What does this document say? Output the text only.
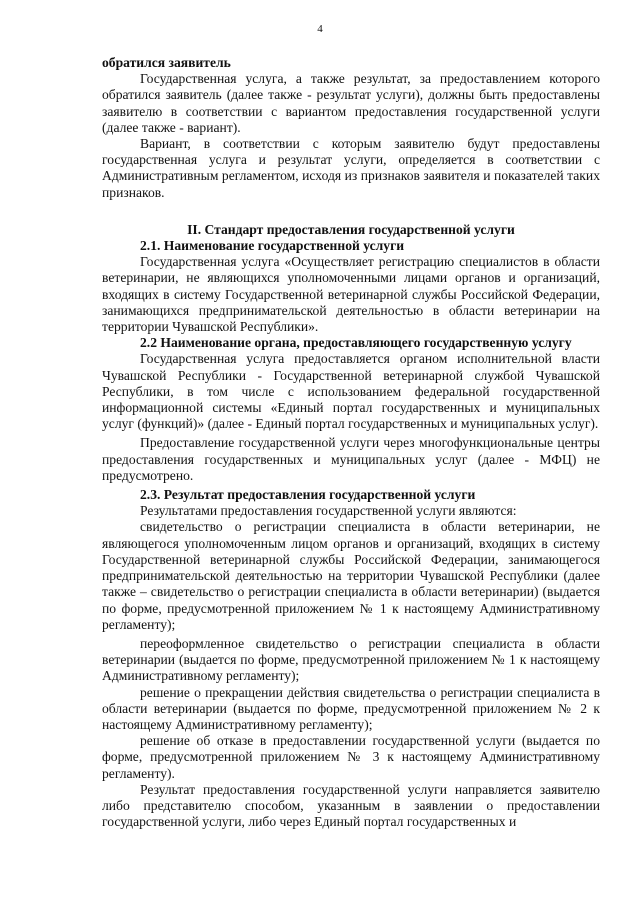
4

обратился заявитель

Государственная услуга, а также результат, за предоставлением которого обратился заявитель (далее также - результат услуги), должны быть предоставлены заявителю в соответствии с вариантом предоставления государственной услуги (далее также - вариант).

Вариант, в соответствии с которым заявителю будут предоставлены государственная услуга и результат услуги, определяется в соответствии с Административным регламентом, исходя из признаков заявителя и показателей таких признаков.

II. Стандарт предоставления государственной услуги
2.1. Наименование государственной услуги

Государственная услуга «Осуществляет регистрацию специалистов в области ветеринарии, не являющихся уполномоченными лицами органов и организаций, входящих в систему Государственной ветеринарной службы Российской Федерации, занимающихся предпринимательской деятельностью в области ветеринарии на территории Чувашской Республики».

2.2 Наименование органа, предоставляющего государственную услугу

Государственная услуга предоставляется органом исполнительной власти Чувашской Республики - Государственной ветеринарной службой Чувашской Республики, в том числе с использованием федеральной государственной информационной системы «Единый портал государственных и муниципальных услуг (функций)» (далее - Единый портал государственных и муниципальных услуг).

Предоставление государственной услуги через многофункциональные центры предоставления государственных и муниципальных услуг (далее - МФЦ) не предусмотрено.

2.3. Результат предоставления государственной услуги

Результатами предоставления государственной услуги являются:

свидетельство о регистрации специалиста в области ветеринарии, не являющегося уполномоченным лицом органов и организаций, входящих в систему Государственной ветеринарной службы Российской Федерации, занимающегося предпринимательской деятельностью на территории Чувашской Республики (далее также – свидетельство о регистрации специалиста в области ветеринарии) (выдается по форме, предусмотренной приложением № 1 к настоящему Административному регламенту);

переоформленное свидетельство о регистрации специалиста в области ветеринарии (выдается по форме, предусмотренной приложением № 1 к настоящему Административному регламенту);

решение о прекращении действия свидетельства о регистрации специалиста в области ветеринарии (выдается по форме, предусмотренной приложением № 2 к настоящему Административному регламенту);

решение об отказе в предоставлении государственной услуги (выдается по форме, предусмотренной приложением № 3 к настоящему Административному регламенту).

Результат предоставления государственной услуги направляется заявителю либо представителю способом, указанным в заявлении о предоставлении государственной услуги, либо через Единый портал государственных и
